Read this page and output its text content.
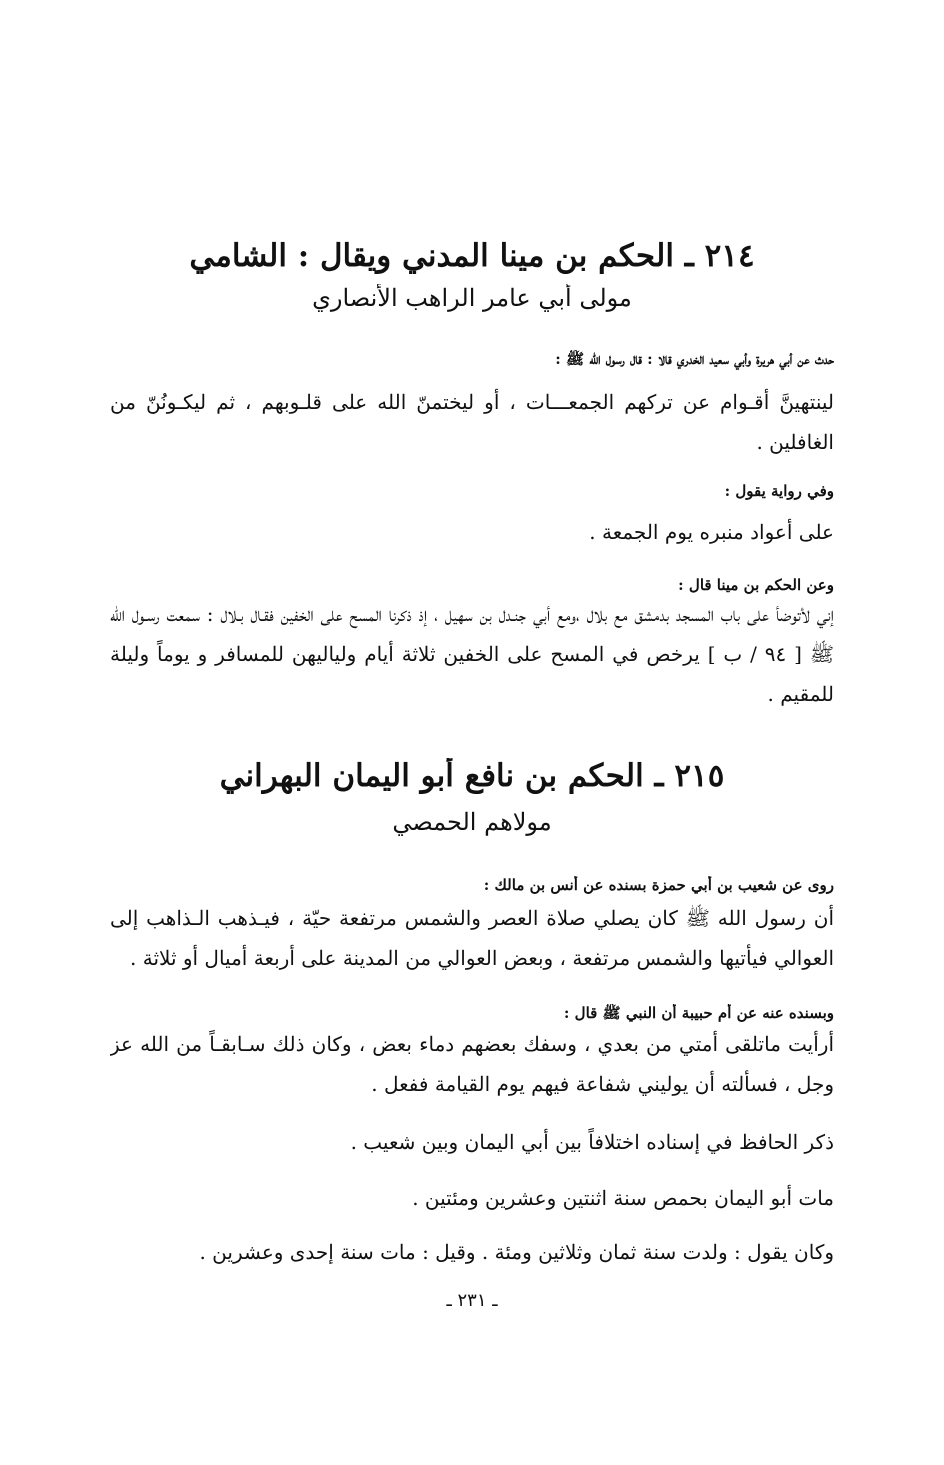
٢١٤ ـ الحكم بن مينا المدني ويقال : الشامي
مولى أبي عامر الراهب الأنصاري
حدث عن أبي هريرة وأبي سعيد الخدري قالا : قال رسول الله ﷺ :
لينتهينَّ أقـوام عن تركهم الجمعـــات ، أو ليختمنّ الله على قلـوبهم ، ثم ليكـونُنّ من الغافلين .
وفي رواية يقول :
على أعواد منبره يوم الجمعة .
وعن الحكم بن مينا قال :
إني لأتوضأ على باب المسجد بدمشق مع بلال ،ومع أبي جنـدل بن سهيل ، إذ ذكرنا المسح على الخفين فقـال بـلال : سمعت رسـول الله ﷺ [ ٩٤ / ب ] يرخص في المسح على الخفين ثلاثة أيام ولياليهن للمسافر و يوماً وليلة للمقيم .
٢١٥ ـ الحكم بن نافع أبو اليمان البهراني
مولاهم الحمصي
روى عن شعيب بن أبي حمزة بسنده عن أنس بن مالك :
أن رسول الله ﷺ كان يصلي صلاة العصر والشمس مرتفعة حيّة ، فيـذهب الـذاهب إلى العوالي فيأتيها والشمس مرتفعة ، وبعض العوالي من المدينة على أربعة أميال أو ثلاثة .
وبسنده عنه عن أم حبيبة أن النبي ﷺ قال :
أرأيت ماتلقى أمتي من بعدي ، وسفك بعضهم دماء بعض ، وكان ذلك سـابقـاً من الله عز وجل ، فسألته أن يوليني شفاعة فيهم يوم القيامة ففعل .
ذكر الحافظ في إسناده اختلافاً بين أبي اليمان وبين شعيب .
مات أبو اليمان بحمص سنة اثنتين وعشرين ومئتين .
وكان يقول : ولدت سنة ثمان وثلاثين ومئة . وقيل : مات سنة إحدى وعشرين .
ـ ٢٣١ ـ
